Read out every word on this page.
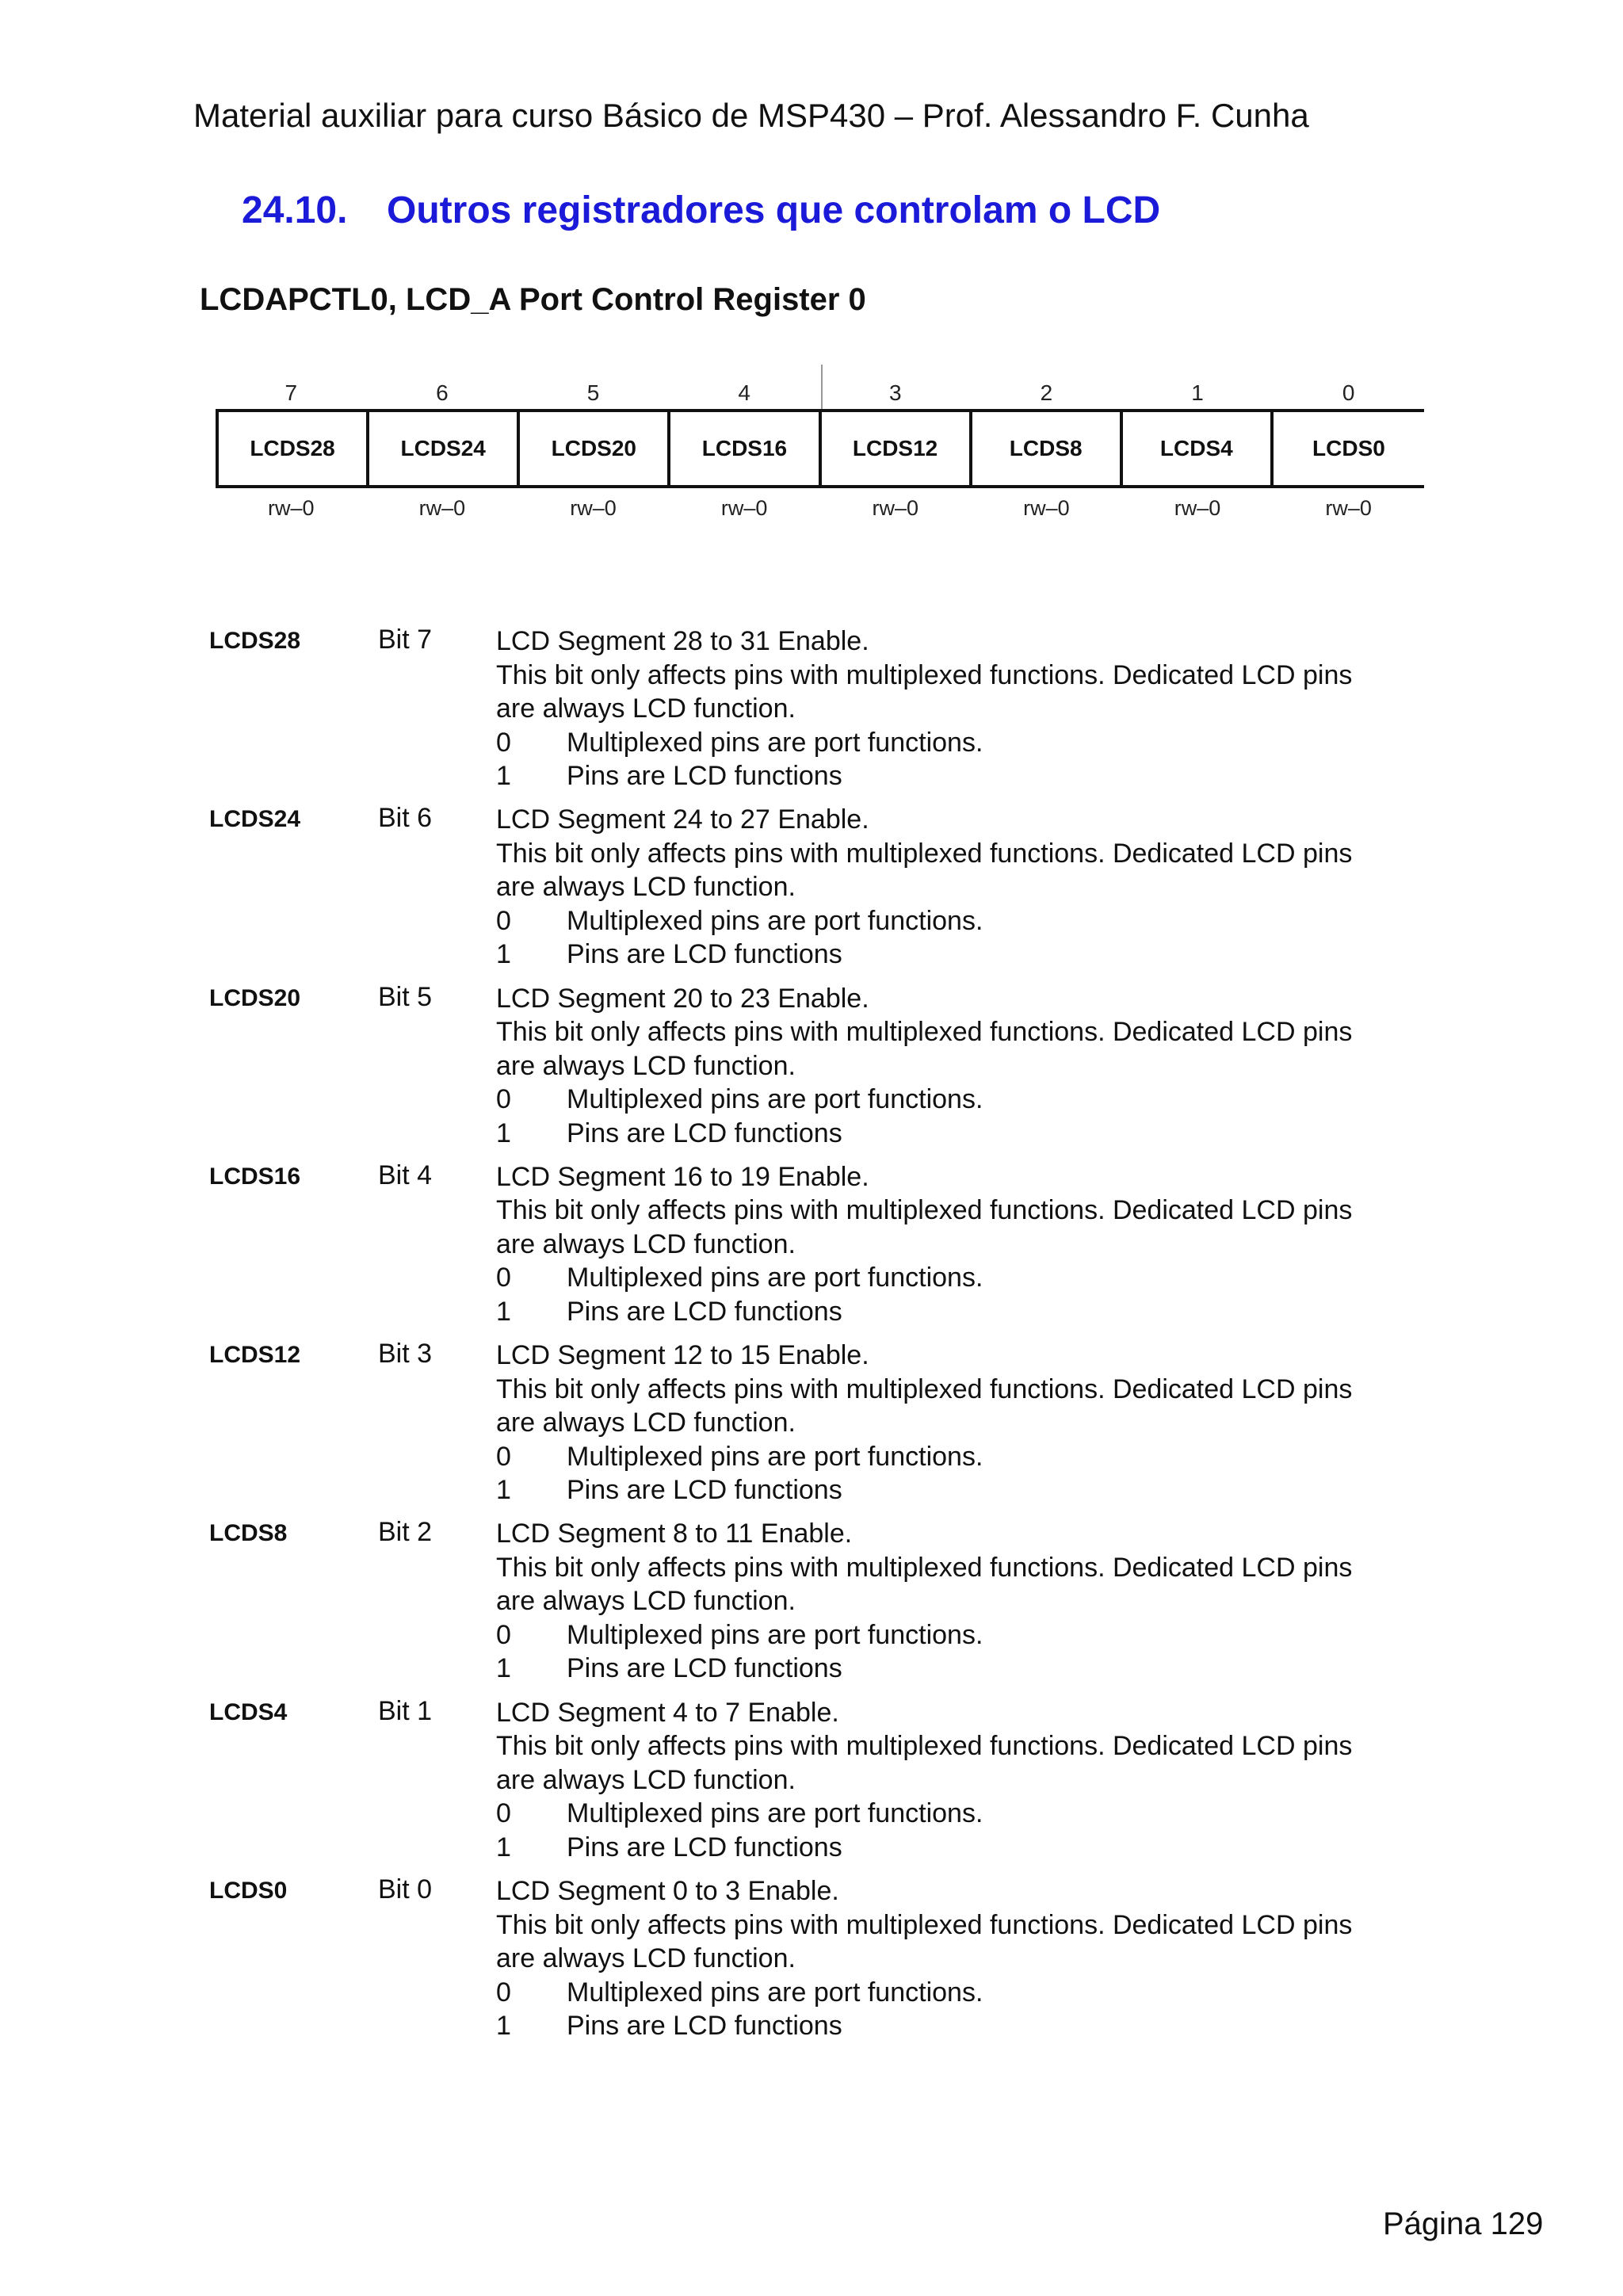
Material auxiliar para curso Básico de MSP430 – Prof. Alessandro F. Cunha
24.10. Outros registradores que controlam o LCD
LCDAPCTL0, LCD_A Port Control Register 0
7	6	5	4	3	2	1	0
LCDS28	LCDS24	LCDS20	LCDS16	LCDS12	LCDS8	LCDS4	LCDS0
rw–0	rw–0	rw–0	rw–0	rw–0	rw–0	rw–0	rw–0
LCDS28	Bit 7 LCD Segment 28 to 31 Enable.
This bit only affects pins with multiplexed functions. Dedicated LCD pins
are always LCD function.
0	Multiplexed pins are port functions.
1	Pins are LCD functions
LCDS24	Bit 6 LCD Segment 24 to 27 Enable.
This bit only affects pins with multiplexed functions. Dedicated LCD pins
are always LCD function.
0	Multiplexed pins are port functions.
1	Pins are LCD functions
LCDS20	Bit 5 LCD Segment 20 to 23 Enable.
This bit only affects pins with multiplexed functions. Dedicated LCD pins
are always LCD function.
0	Multiplexed pins are port functions.
1	Pins are LCD functions
LCDS16	Bit 4 LCD Segment 16 to 19 Enable.
This bit only affects pins with multiplexed functions. Dedicated LCD pins
are always LCD function.
0	Multiplexed pins are port functions.
1	Pins are LCD functions
LCDS12	Bit 3 LCD Segment 12 to 15 Enable.
This bit only affects pins with multiplexed functions. Dedicated LCD pins
are always LCD function.
0	Multiplexed pins are port functions.
1	Pins are LCD functions
LCDS8	Bit 2 LCD Segment 8 to 11 Enable.
This bit only affects pins with multiplexed functions. Dedicated LCD pins
are always LCD function.
0	Multiplexed pins are port functions.
1	Pins are LCD functions
LCDS4	Bit 1 LCD Segment 4 to 7 Enable.
This bit only affects pins with multiplexed functions. Dedicated LCD pins
are always LCD function.
0	Multiplexed pins are port functions.
1	Pins are LCD functions
LCDS0	Bit 0 LCD Segment 0 to 3 Enable.
This bit only affects pins with multiplexed functions. Dedicated LCD pins
are always LCD function.
0	Multiplexed pins are port functions.
1	Pins are LCD functions
Página 129
